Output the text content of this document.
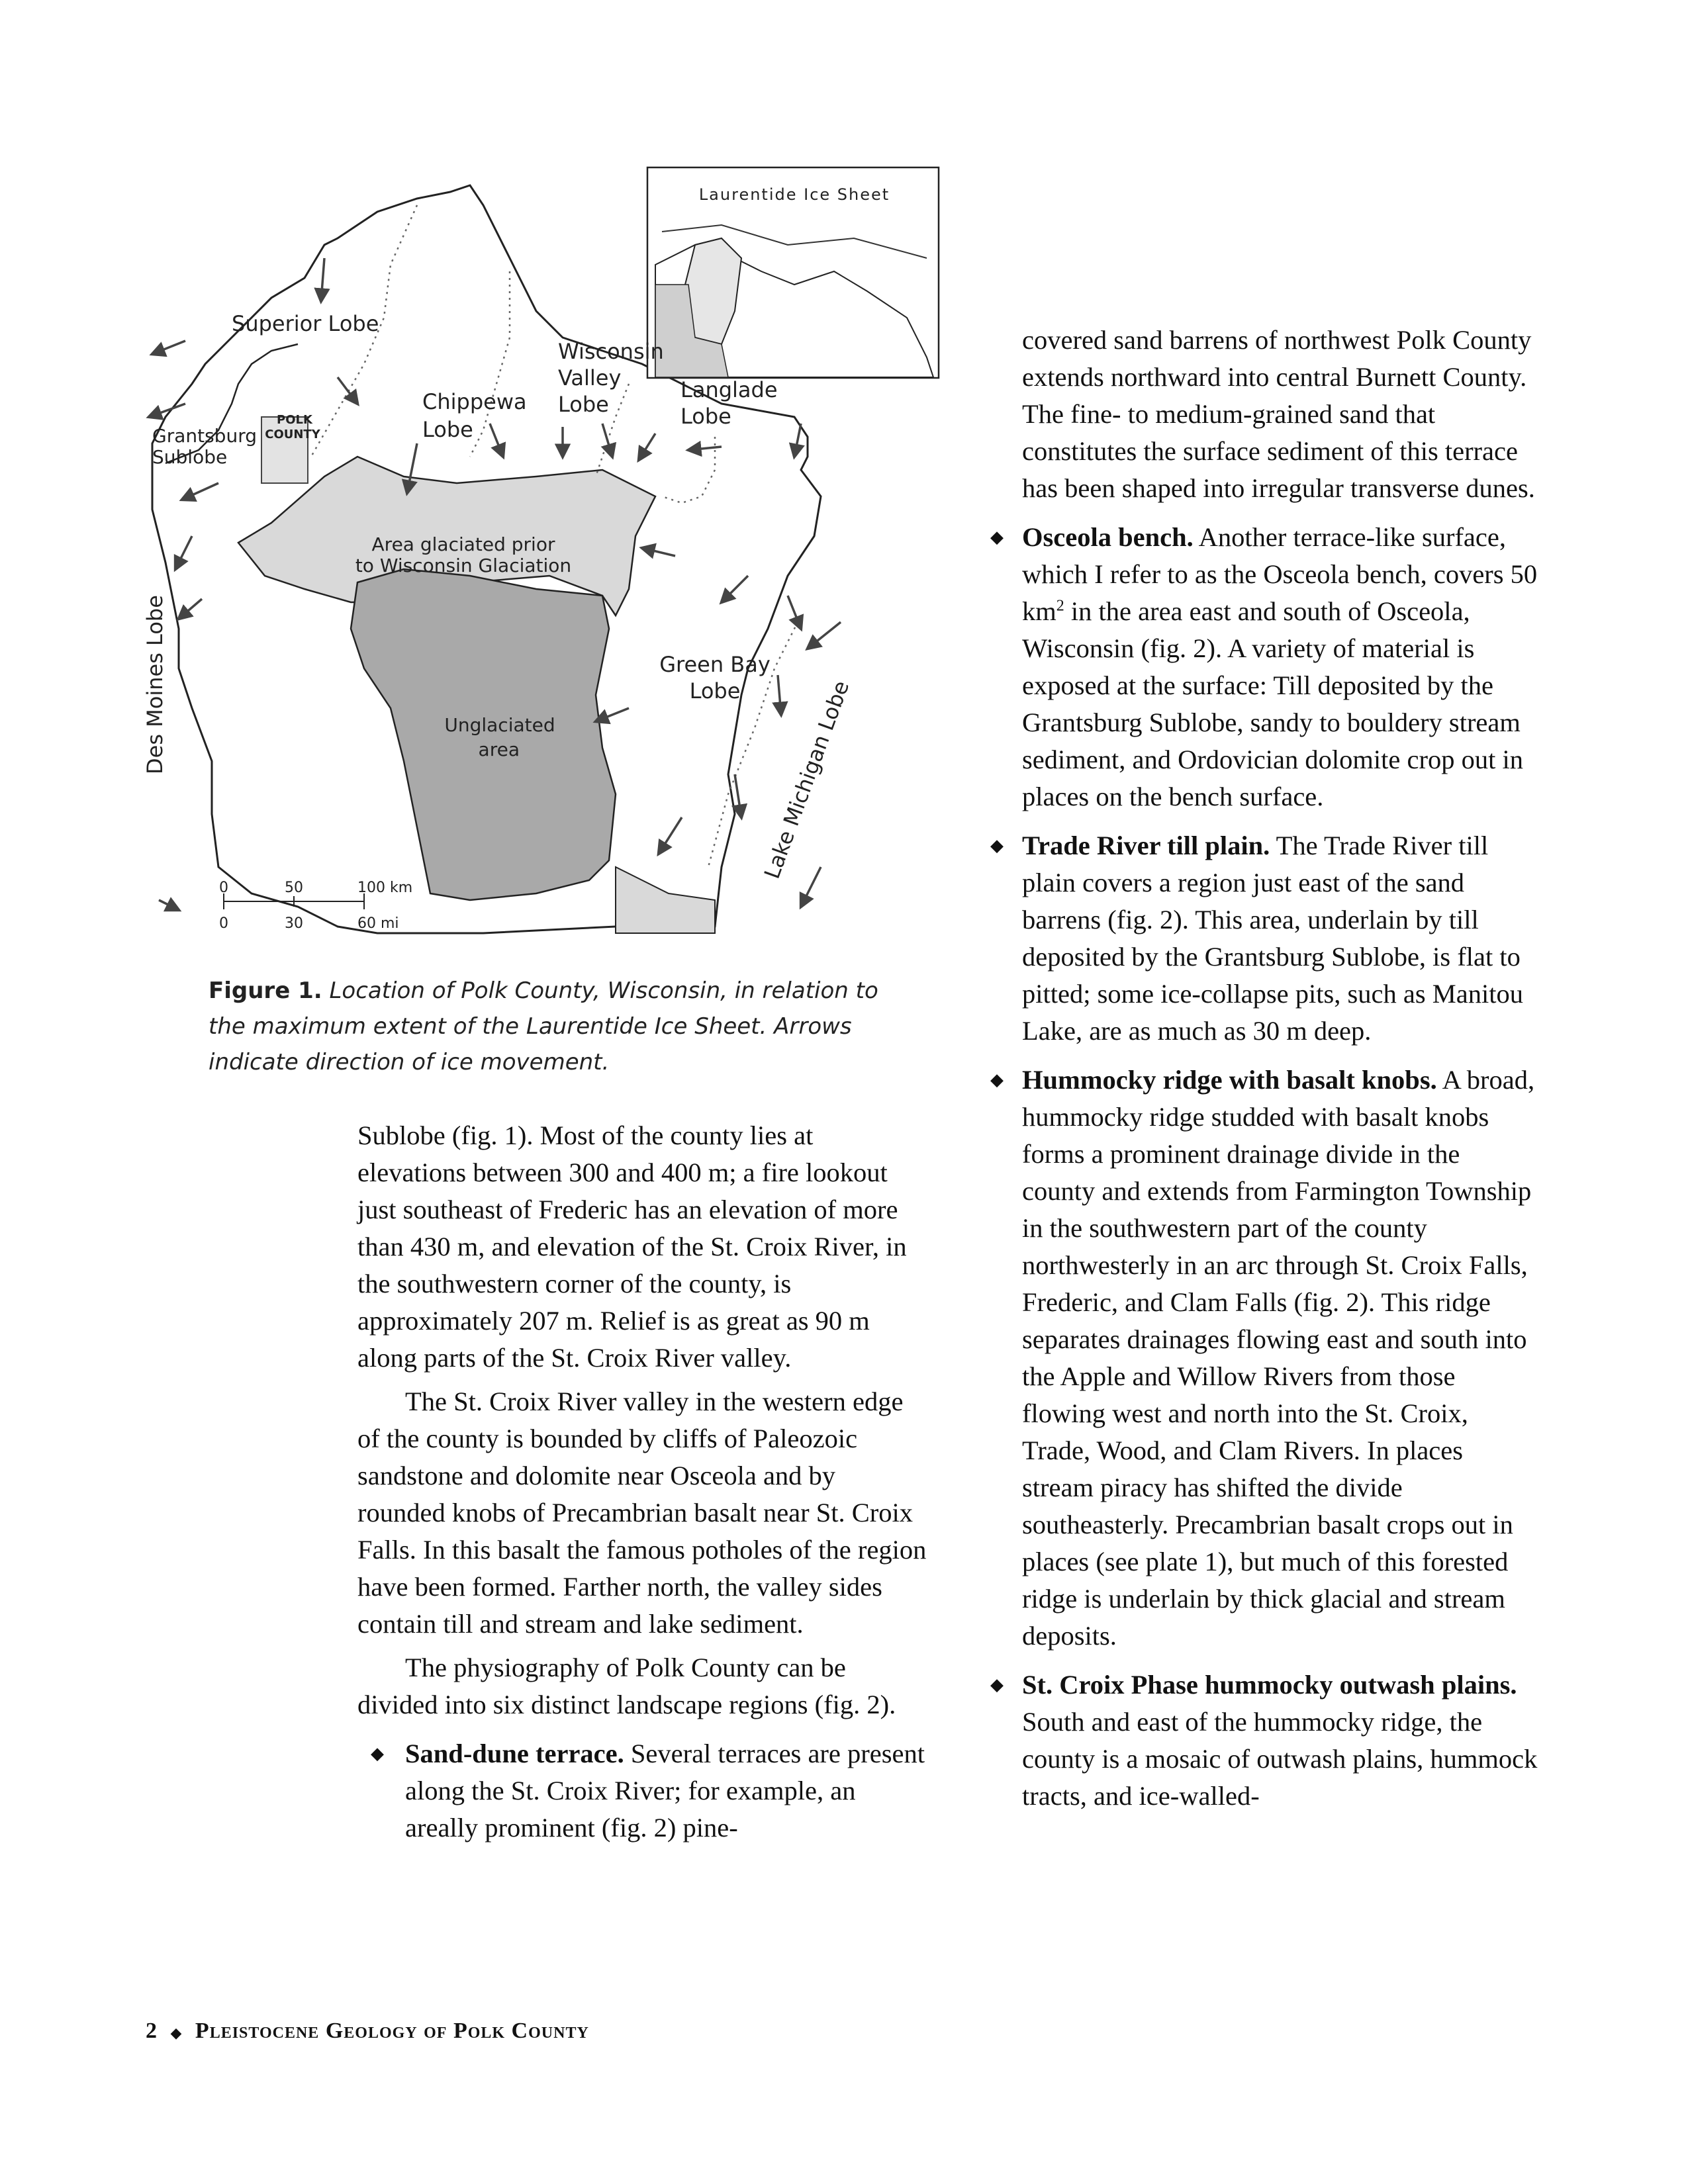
Laurentide Ice Sheet
Superior Lobe
Grantsburg
Sublobe
POLK
COUNTY
Chippewa
Lobe
Wisconsin
Valley
Lobe
Langlade
Lobe
Area glaciated prior
to Wisconsin Glaciation
Des Moines Lobe	Green Bay
Lobe
Unglaciated
area	Lake Michigan Lobe
0	50	100 km
0	30	60 mi
Figure 1. Location of Polk County, Wisconsin, in relation to the maximum extent of the Laurentide Ice Sheet. Arrows indicate direction of ice movement.

Sublobe (fig. 1). Most of the county lies at elevations between 300 and 400 m; a fire lookout just southeast of Frederic has an elevation of more than 430 m, and elevation of the St. Croix River, in the southwestern corner of the county, is approximately 207 m. Relief is as great as 90 m along parts of the St. Croix River valley.

The St. Croix River valley in the western edge of the county is bounded by cliffs of Paleozoic sandstone and dolomite near Osceola and by rounded knobs of Precambrian basalt near St. Croix Falls. In this basalt the famous potholes of the region have been formed. Farther north, the valley sides contain till and stream and lake sediment.

The physiography of Polk County can be divided into six distinct landscape regions (fig. 2).

◆ Sand-dune terrace. Several terraces are present along the St. Croix River; for example, an areally prominent (fig. 2) pine-

covered sand barrens of northwest Polk County extends northward into central Burnett County. The fine- to medium-grained sand that constitutes the surface sediment of this terrace has been shaped into irregular transverse dunes.

◆ Osceola bench. Another terrace-like surface, which I refer to as the Osceola bench, covers 50 $km^2$ in the area east and south of Osceola, Wisconsin (fig. 2). A variety of material is exposed at the surface: Till deposited by the Grantsburg Sublobe, sandy to bouldery stream sediment, and Ordovician dolomite crop out in places on the bench surface.
◆ Trade River till plain. The Trade River till plain covers a region just east of the sand barrens (fig. 2). This area, underlain by till deposited by the Grantsburg Sublobe, is flat to pitted; some ice-collapse pits, such as Manitou Lake, are as much as 30 m deep.
◆ Hummocky ridge with basalt knobs. A broad, hummocky ridge studded with basalt knobs forms a prominent drainage divide in the county and extends from Farmington Township in the southwestern part of the county northwesterly in an arc through St. Croix Falls, Frederic, and Clam Falls (fig. 2). This ridge separates drainages flowing east and south into the Apple and Willow Rivers from those flowing west and north into the St. Croix, Trade, Wood, and Clam Rivers. In places stream piracy has shifted the divide southeasterly. Precambrian basalt crops out in places (see plate 1), but much of this forested ridge is underlain by thick glacial and stream deposits.
◆ St. Croix Phase hummocky outwash plains. South and east of the hummocky ridge, the county is a mosaic of outwash plains, hummock tracts, and ice-walled-
2 ◆ Pleistocene Geology of Polk County
